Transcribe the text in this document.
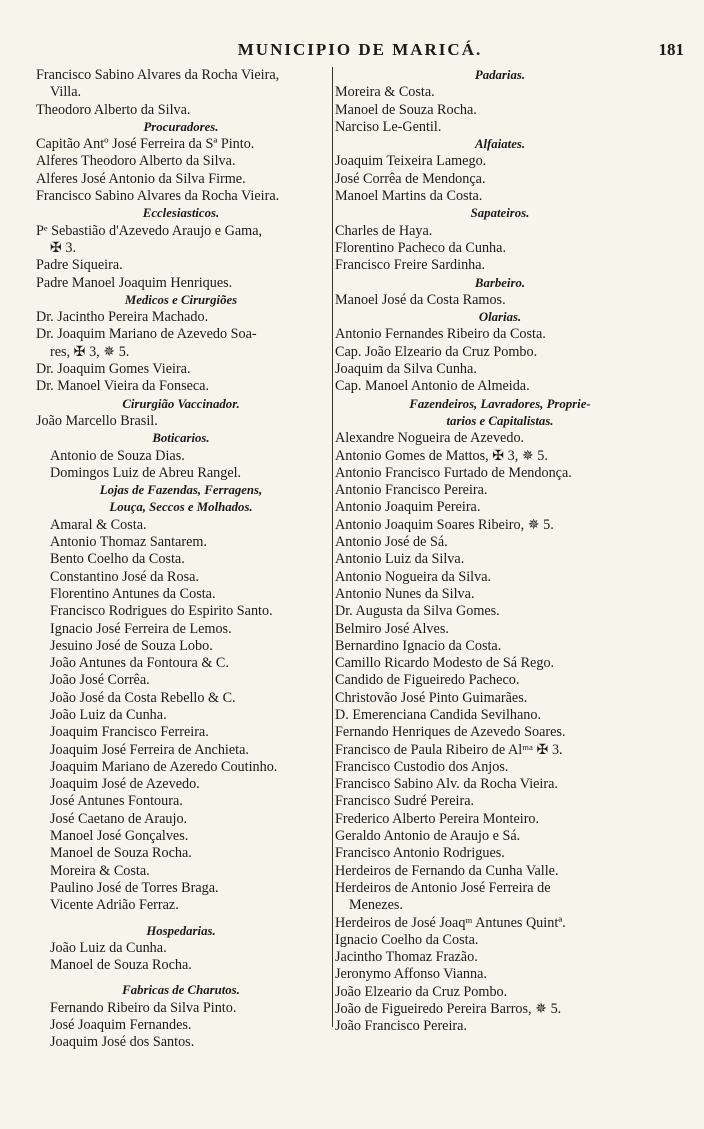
MUNICIPIO DE MARICÁ.	181
Francisco Sabino Alvares da Rocha Vieira,
Villa.
Theodoro Alberto da Silva.
Procuradores.
Capitão Antº José Ferreira da Sª Pinto.
Alferes Theodoro Alberto da Silva.
Alferes José Antonio da Silva Firme.
Francisco Sabino Alvares da Rocha Vieira.
Ecclesiasticos.
Pᵉ Sebastião d'Azevedo Araujo e Gama,
✠ 3.
Padre Siqueira.
Padre Manoel Joaquim Henriques.
Medicos e Cirurgiões
Dr. Jacintho Pereira Machado.
Dr. Joaquim Mariano de Azevedo Soa-
res, ✠ 3, ✵ 5.
Dr. Joaquim Gomes Vieira.
Dr. Manoel Vieira da Fonseca.
Cirurgião Vaccinador.
João Marcello Brasil.
Boticarios.
Antonio de Souza Dias.
Domingos Luiz de Abreu Rangel.
Lojas de Fazendas, Ferragens,
Louça, Seccos e Molhados.
Amaral & Costa.
Antonio Thomaz Santarem.
Bento Coelho da Costa.
Constantino José da Rosa.
Florentino Antunes da Costa.
Francisco Rodrigues do Espirito Santo.
Ignacio José Ferreira de Lemos.
Jesuino José de Souza Lobo.
João Antunes da Fontoura & C.
João José Corrêa.
João José da Costa Rebello & C.
João Luiz da Cunha.
Joaquim Francisco Ferreira.
Joaquim José Ferreira de Anchieta.
Joaquim Mariano de Azeredo Coutinho.
Joaquim José de Azevedo.
José Antunes Fontoura.
José Caetano de Araujo.
Manoel José Gonçalves.
Manoel de Souza Rocha.
Moreira & Costa.
Paulino José de Torres Braga.
Vicente Adrião Ferraz.
Hospedarias.
João Luiz da Cunha.
Manoel de Souza Rocha.
Fabricas de Charutos.
Fernando Ribeiro da Silva Pinto.
José Joaquim Fernandes.
Joaquim José dos Santos.
Padarias.
Moreira & Costa.
Manoel de Souza Rocha.
Narciso Le-Gentil.
Alfaiates.
Joaquim Teixeira Lamego.
José Corrêa de Mendonça.
Manoel Martins da Costa.
Sapateiros.
Charles de Haya.
Florentino Pacheco da Cunha.
Francisco Freire Sardinha.
Barbeiro.
Manoel José da Costa Ramos.
Olarias.
Antonio Fernandes Ribeiro da Costa.
Cap. João Elzeario da Cruz Pombo.
Joaquim da Silva Cunha.
Cap. Manoel Antonio de Almeida.
Fazendeiros, Lavradores, Proprie-
tarios e Capitalistas.
Alexandre Nogueira de Azevedo.
Antonio Gomes de Mattos, ✠ 3, ✵ 5.
Antonio Francisco Furtado de Mendonça.
Antonio Francisco Pereira.
Antonio Joaquim Pereira.
Antonio Joaquim Soares Ribeiro, ✵ 5.
Antonio José de Sá.
Antonio Luiz da Silva.
Antonio Nogueira da Silva.
Antonio Nunes da Silva.
Dr. Augusta da Silva Gomes.
Belmiro José Alves.
Bernardino Ignacio da Costa.
Camillo Ricardo Modesto de Sá Rego.
Candido de Figueiredo Pacheco.
Christovão José Pinto Guimarães.
D. Emerenciana Candida Sevilhano.
Fernando Henriques de Azevedo Soares.
Francisco de Paula Ribeiro de Alᵐᵃ ✠ 3.
Francisco Custodio dos Anjos.
Francisco Sabino Alv. da Rocha Vieira.
Francisco Sudré Pereira.
Frederico Alberto Pereira Monteiro.
Geraldo Antonio de Araujo e Sá.
Francisco Antonio Rodrigues.
Herdeiros de Fernando da Cunha Valle.
Herdeiros de Antonio José Ferreira de
Menezes.
Herdeiros de José Joaqᵐ Antunes Quintª.
Ignacio Coelho da Costa.
Jacintho Thomaz Frazão.
Jeronymo Affonso Vianna.
João Elzeario da Cruz Pombo.
João de Figueiredo Pereira Barros, ✵ 5.
João Francisco Pereira.
